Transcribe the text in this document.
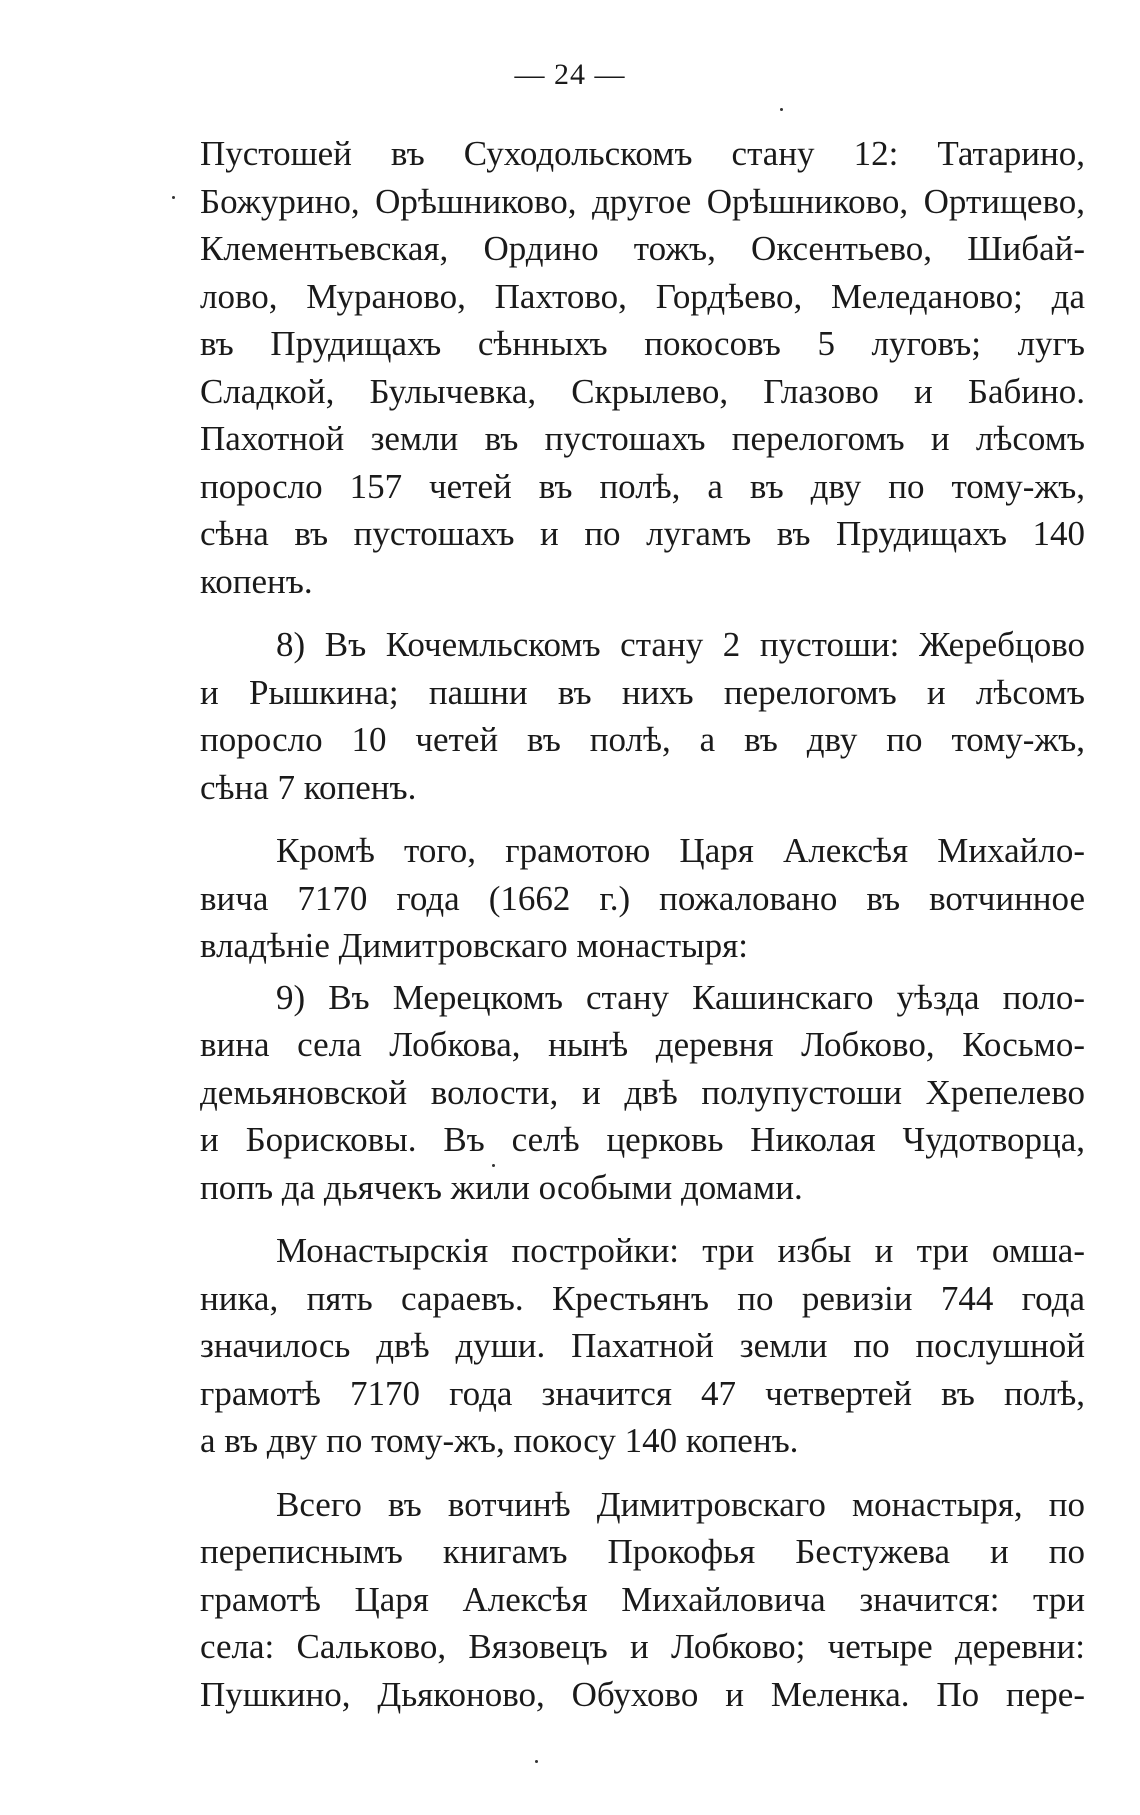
— 24 —

Пустошей въ Суходольскомъ стану 12: Татарино,
Божурино, Орѣшниково, другое Орѣшниково, Ортищево,
Клементьевская, Ордино тожъ, Оксентьево, Шибай-
лово, Мураново, Пахтово, Гордѣево, Меледаново; да
въ Прудищахъ сѣнныхъ покосовъ 5 луговъ; лугъ
Сладкой, Булычевка, Скрылево, Глазово и Бабино.
Пахотной земли въ пустошахъ перелогомъ и лѣсомъ
поросло 157 четей въ полѣ, а въ дву по тому-жъ,
сѣна въ пустошахъ и по лугамъ въ Прудищахъ 140
копенъ.

8) Въ Кочемльскомъ стану 2 пустоши: Жеребцово
и Рышкина; пашни въ нихъ перелогомъ и лѣсомъ
поросло 10 четей въ полѣ, а въ дву по тому-жъ,
сѣна 7 копенъ.

Кромѣ того, грамотою Царя Алексѣя Михайло-
вича 7170 года (1662 г.) пожаловано въ вотчинное
владѣніе Димитровскаго монастыря:

9) Въ Мерецкомъ стану Кашинскаго уѣзда поло-
вина села Лобкова, нынѣ деревня Лобково, Косьмо-
демьяновской волости, и двѣ полупустоши Хрепелево
и Борисковы. Въ селѣ церковь Николая Чудотворца,
попъ да дьячекъ жили особыми домами.

Монастырскія постройки: три избы и три омша-
ника, пять сараевъ. Крестьянъ по ревизіи 744 года
значилось двѣ души. Пахатной земли по послушной
грамотѣ 7170 года значится 47 четвертей въ полѣ,
а въ дву по тому-жъ, покосу 140 копенъ.

Всего въ вотчинѣ Димитровскаго монастыря, по
переписнымъ книгамъ Прокофья Бестужева и по
грамотѣ Царя Алексѣя Михайловича значится: три
села: Салькoво, Вязовецъ и Лобково; четыре деревни:
Пушкино, Дьяконово, Обухово и Меленка. По пере-
